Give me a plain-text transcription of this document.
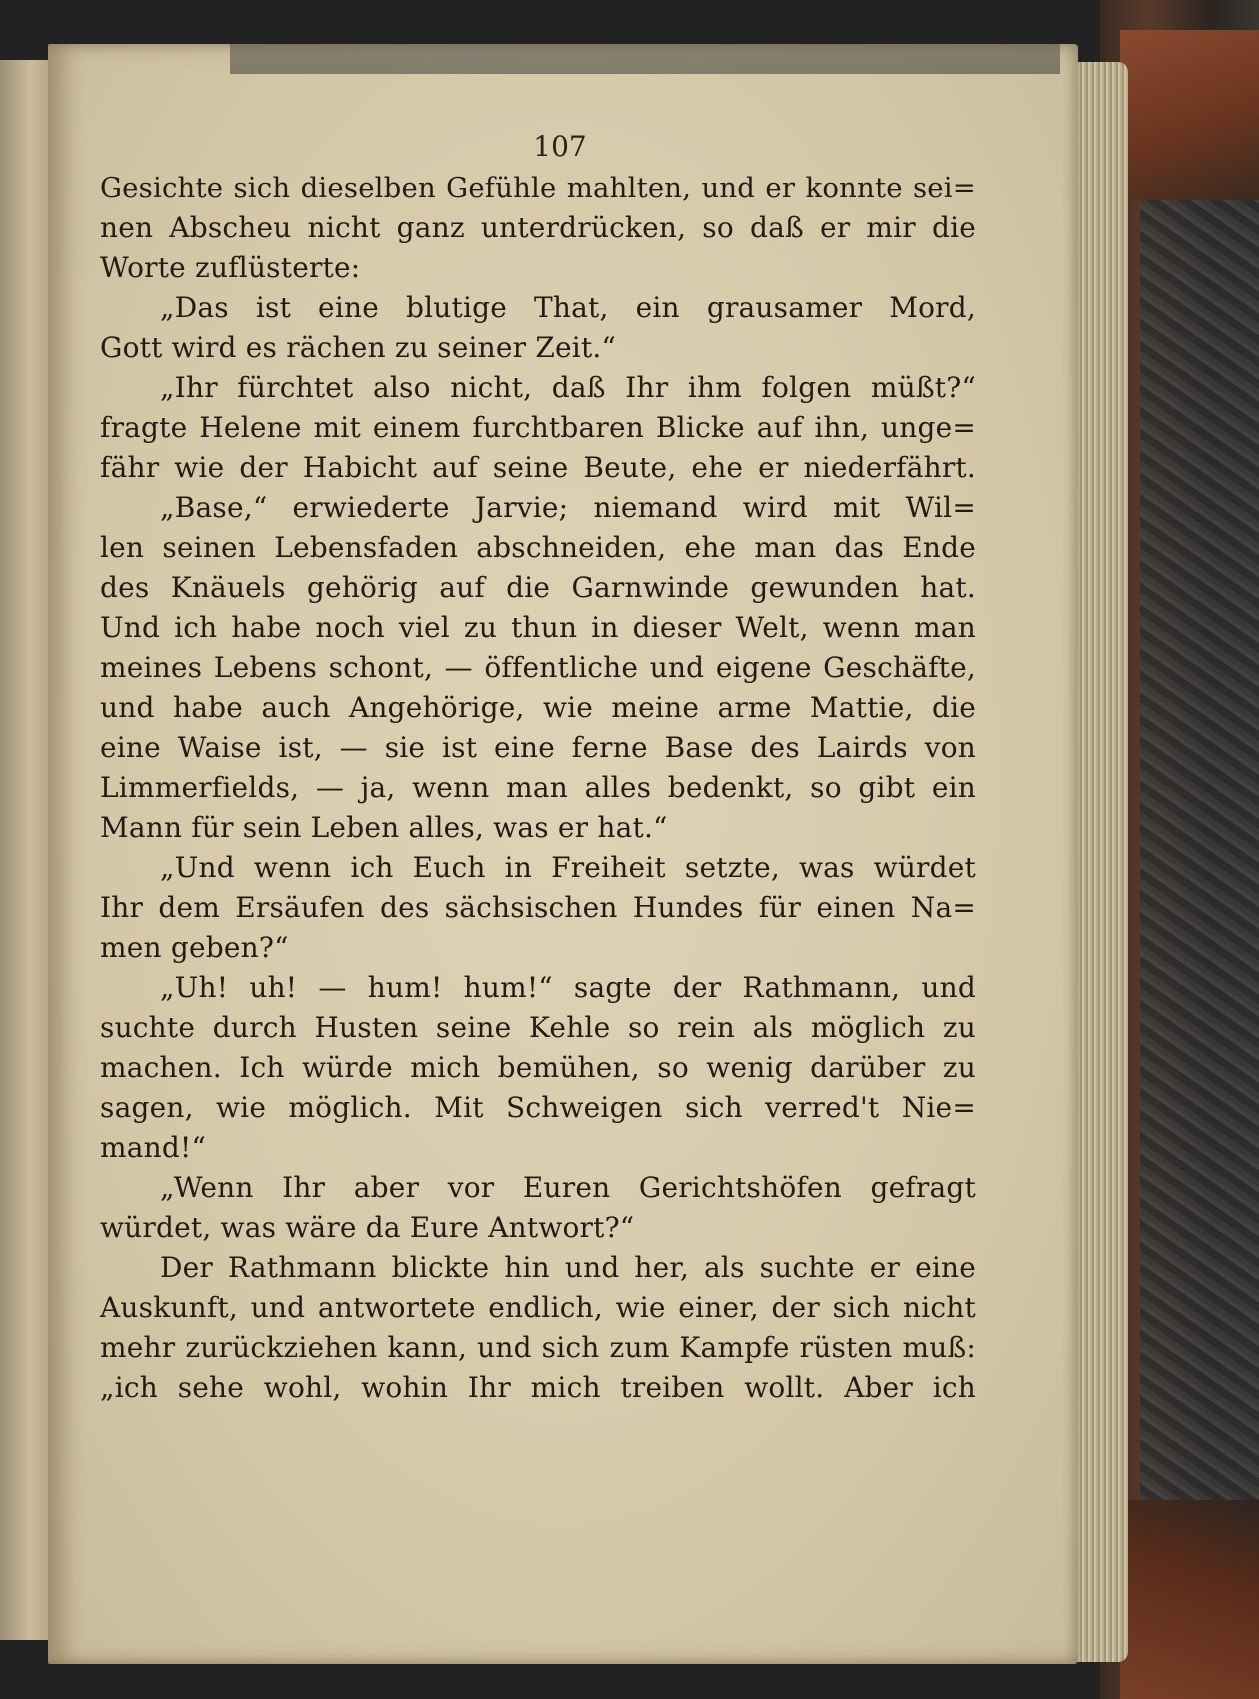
107
Gesichte sich dieselben Gefühle mahlten, und er konnte sei=
nen Abscheu nicht ganz unterdrücken, so daß er mir die
Worte zuflüsterte:
„Das ist eine blutige That, ein grausamer Mord,
Gott wird es rächen zu seiner Zeit.“
„Ihr fürchtet also nicht, daß Ihr ihm folgen müßt?“
fragte Helene mit einem furchtbaren Blicke auf ihn, unge=
fähr wie der Habicht auf seine Beute, ehe er niederfährt.
„Base,“ erwiederte Jarvie; niemand wird mit Wil=
len seinen Lebensfaden abschneiden, ehe man das Ende
des Knäuels gehörig auf die Garnwinde gewunden hat.
Und ich habe noch viel zu thun in dieser Welt, wenn man
meines Lebens schont, — öffentliche und eigene Geschäfte,
und habe auch Angehörige, wie meine arme Mattie, die
eine Waise ist, — sie ist eine ferne Base des Lairds von
Limmerfields, — ja, wenn man alles bedenkt, so gibt ein
Mann für sein Leben alles, was er hat.“
„Und wenn ich Euch in Freiheit setzte, was würdet
Ihr dem Ersäufen des sächsischen Hundes für einen Na=
men geben?“
„Uh! uh! — hum! hum!“ sagte der Rathmann, und
suchte durch Husten seine Kehle so rein als möglich zu
machen. Ich würde mich bemühen, so wenig darüber zu
sagen, wie möglich. Mit Schweigen sich verred't Nie=
mand!“
„Wenn Ihr aber vor Euren Gerichtshöfen gefragt
würdet, was wäre da Eure Antwort?“
Der Rathmann blickte hin und her, als suchte er eine
Auskunft, und antwortete endlich, wie einer, der sich nicht
mehr zurückziehen kann, und sich zum Kampfe rüsten muß:
„ich sehe wohl, wohin Ihr mich treiben wollt. Aber ich
